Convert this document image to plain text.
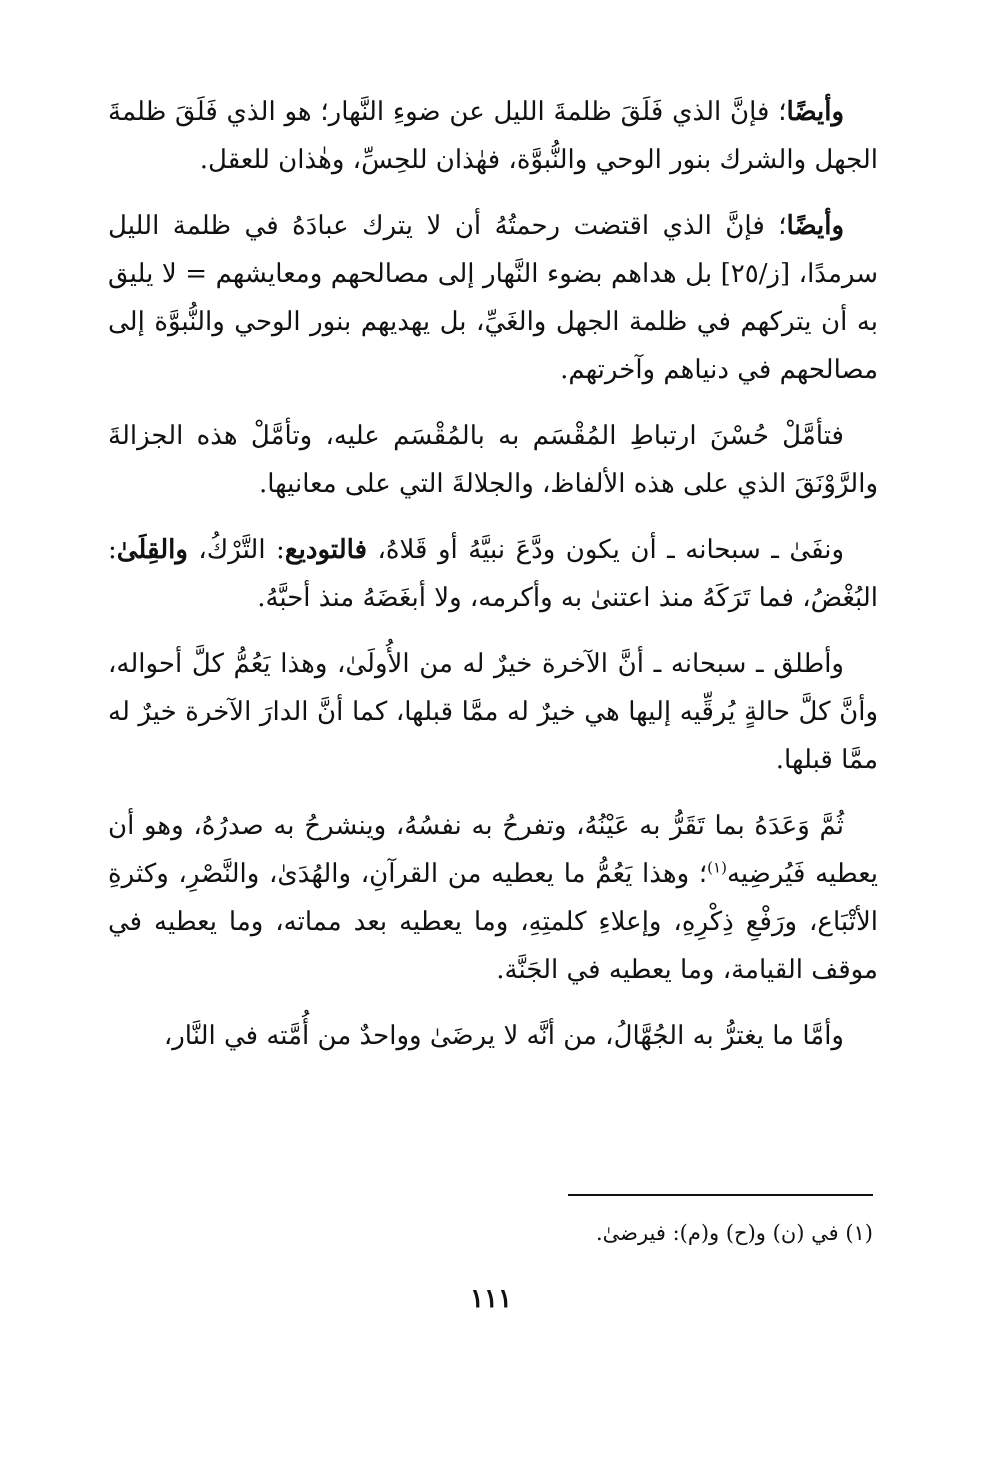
وأيضًا؛ فإنَّ الذي فَلَقَ ظلمةَ الليل عن ضوءِ النَّهار؛ هو الذي فَلَقَ ظلمةَ الجهل والشرك بنور الوحي والنُّبوَّة، فهٰذان للحِسِّ، وهٰذان للعقل.

وأيضًا؛ فإنَّ الذي اقتضت رحمتُهُ أن لا يترك عبادَهُ في ظلمة الليل سرمدًا، [ز/٢٥] بل هداهم بضوء النَّهار إلى مصالحهم ومعايشهم = لا يليق به أن يتركهم في ظلمة الجهل والغَيِّ، بل يهديهم بنور الوحي والنُّبوَّة إلى مصالحهم في دنياهم وآخرتهم.

فتأمَّلْ حُسْنَ ارتباطِ المُقْسَم به بالمُقْسَم عليه، وتأمَّلْ هذه الجزالةَ والرَّوْنَقَ الذي على هذه الألفاظ، والجلالةَ التي على معانيها.

ونفَىٰ ـ سبحانه ـ أن يكون ودَّعَ نبيَّهُ أو قَلاهُ، فالتوديع: التَّرْكُ، والقِلَىٰ: البُغْضُ، فما تَرَكَهُ منذ اعتنىٰ به وأكرمه، ولا أبغَضَهُ منذ أحبَّهُ.

وأطلق ـ سبحانه ـ أنَّ الآخرة خيرٌ له من الأُولَىٰ، وهذا يَعُمُّ كلَّ أحواله، وأنَّ كلَّ حالةٍ يُرقِّيه إليها هي خيرٌ له ممَّا قبلها، كما أنَّ الدارَ الآخرة خيرٌ له ممَّا قبلها.

ثُمَّ وَعَدَهُ بما تَقَرُّ به عَيْنُهُ، وتفرحُ به نفسُهُ، وينشرحُ به صدرُهُ، وهو أن يعطيه فَيُرضِيه$^{(١)}$؛ وهذا يَعُمُّ ما يعطيه من القرآنِ، والهُدَىٰ، والنَّصْرِ، وكثرةِ الأتْبَاع، ورَفْعِ ذِكْرِهِ، وإعلاءِ كلمتِهِ، وما يعطيه بعد مماته، وما يعطيه في موقف القيامة، وما يعطيه في الجَنَّة.

وأمَّا ما يغترُّ به الجُهَّالُ، من أنَّه لا يرضَىٰ وواحدٌ من أُمَّته في النَّار،

(١) في (ن) و(ح) و(م): فيرضىٰ.
١١١
